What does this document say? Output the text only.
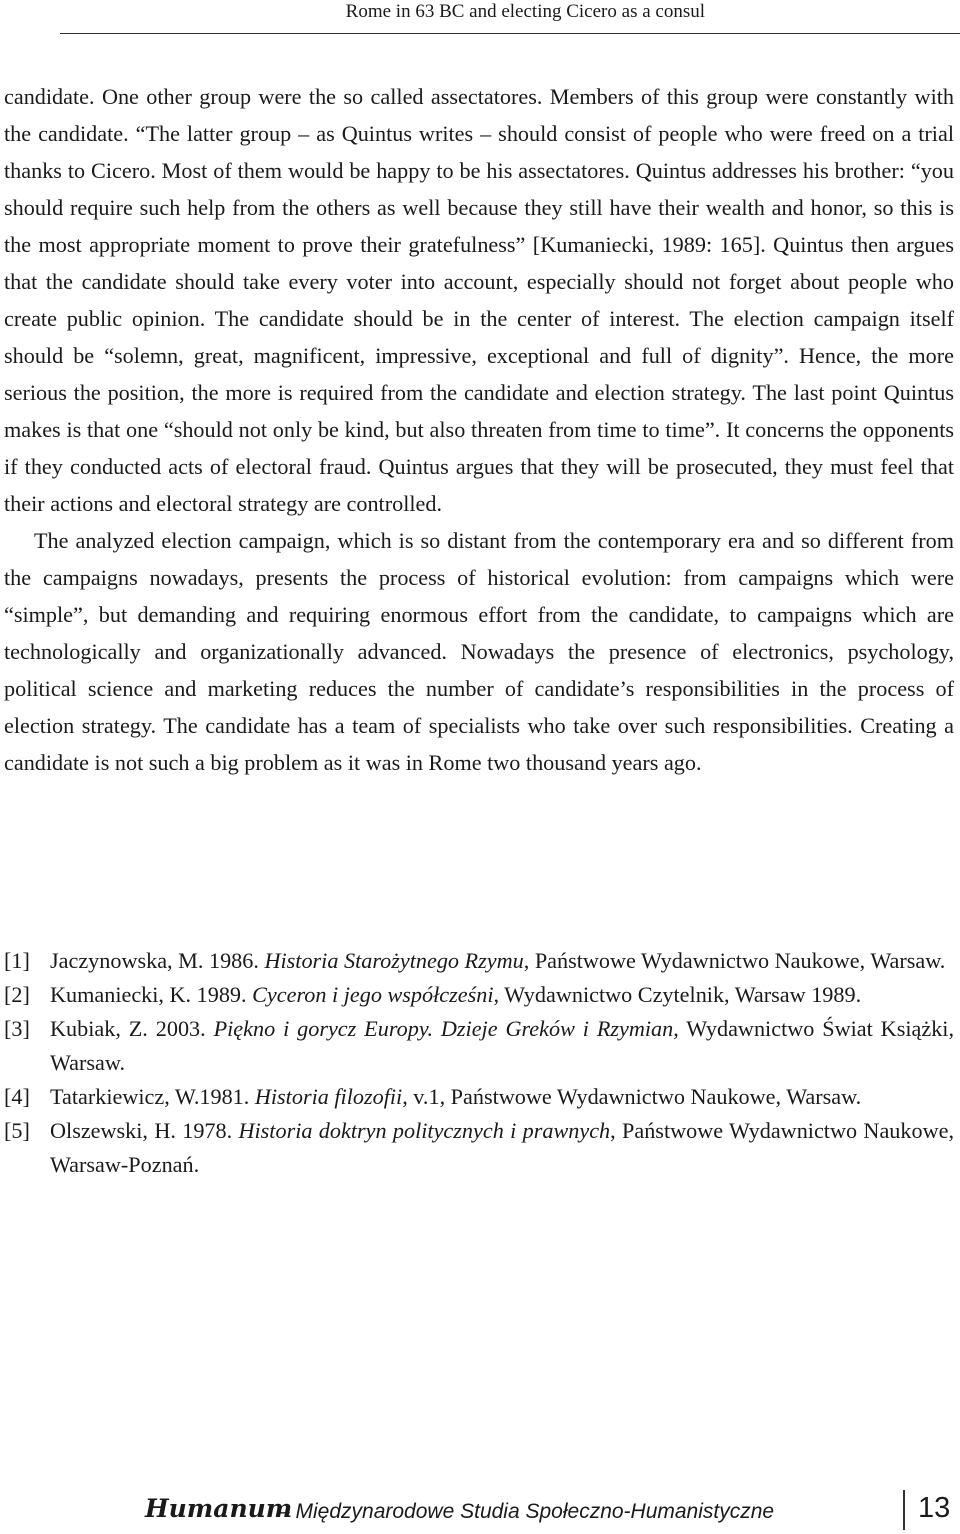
Rome in 63 BC and electing Cicero as a consul

candidate. One other group were the so called assectatores. Members of this group were constantly with the candidate. “The latter group – as Quintus writes – should consist of people who were freed on a trial thanks to Cicero. Most of them would be happy to be his assectatores. Quintus addresses his brother: “you should require such help from the others as well because they still have their wealth and honor, so this is the most appropriate moment to prove their gratefulness” [Kumaniecki, 1989: 165]. Quintus then argues that the candidate should take every voter into account, especially should not forget about people who create public opinion. The candidate should be in the center of interest. The election campaign itself should be “solemn, great, magnificent, impressive, exceptional and full of dignity”. Hence, the more serious the position, the more is required from the candidate and election strategy. The last point Quintus makes is that one “should not only be kind, but also threaten from time to time”. It concerns the opponents if they conducted acts of electoral fraud. Quintus argues that they will be prosecuted, they must feel that their actions and electoral strategy are controlled.

The analyzed election campaign, which is so distant from the contemporary era and so different from the campaigns nowadays, presents the process of historical evolution: from campaigns which were “simple”, but demanding and requiring enormous effort from the candidate, to campaigns which are technologically and organizationally advanced. Nowadays the presence of electronics, psychology, political science and marketing reduces the number of candidate’s responsibilities in the process of election strategy. The candidate has a team of specialists who take over such responsibilities. Creating a candidate is not such a big problem as it was in Rome two thousand years ago.

[1] Jaczynowska, M. 1986. Historia Starożytnego Rzymu, Państwowe Wydawnictwo Naukowe, Warsaw.
[2] Kumaniecki, K. 1989. Cyceron i jego współcześni, Wydawnictwo Czytelnik, Warsaw 1989.
[3] Kubiak, Z. 2003. Piękno i gorycz Europy. Dzieje Greków i Rzymian, Wydawnictwo Świat Książki, Warsaw.
[4] Tatarkiewicz, W.1981. Historia filozofii, v.1, Państwowe Wydawnictwo Naukowe, Warsaw.
[5] Olszewski, H. 1978. Historia doktryn politycznych i prawnych, Państwowe Wydawnictwo Naukowe, Warsaw-Poznań.
Humanum
– Międzynarodowe Studia Społeczno-Humanistyczne	13
